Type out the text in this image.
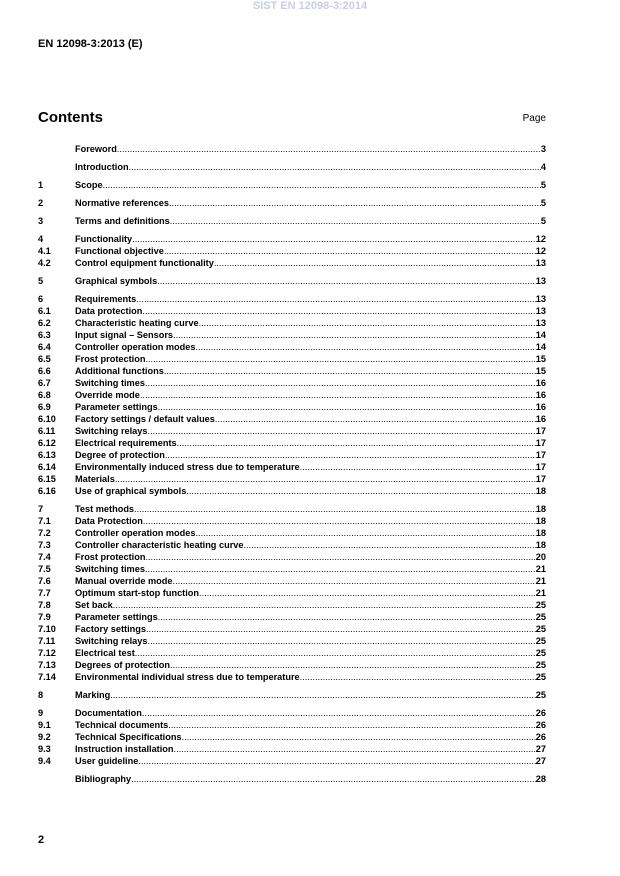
SIST EN 12098-3:2014
EN 12098-3:2013 (E)
Contents	Page
Foreword .....	3
Introduction .....	4
1	Scope .....	5
2	Normative references .....	5
3	Terms and definitions .....	5
4	Functionality .....	12
4.1	Functional objective .....	12
4.2	Control equipment functionality .....	13
5	Graphical symbols .....	13
6	Requirements .....	13
6.1	Data protection .....	13
6.2	Characteristic heating curve .....	13
6.3	Input signal – Sensors .....	14
6.4	Controller operation modes .....	14
6.5	Frost protection .....	15
6.6	Additional functions .....	15
6.7	Switching times .....	16
6.8	Override mode .....	16
6.9	Parameter settings .....	16
6.10	Factory settings / default values .....	16
6.11	Switching relays .....	17
6.12	Electrical requirements .....	17
6.13	Degree of protection .....	17
6.14	Environmentally induced stress due to temperature .....	17
6.15	Materials .....	17
6.16	Use of graphical symbols .....	18
7	Test methods .....	18
7.1	Data Protection .....	18
7.2	Controller operation modes .....	18
7.3	Controller characteristic heating curve .....	18
7.4	Frost protection .....	20
7.5	Switching times .....	21
7.6	Manual override mode .....	21
7.7	Optimum start-stop function .....	21
7.8	Set back .....	25
7.9	Parameter settings .....	25
7.10	Factory settings .....	25
7.11	Switching relays .....	25
7.12	Electrical test .....	25
7.13	Degrees of protection .....	25
7.14	Environmental individual stress due to temperature .....	25
8	Marking .....	25
9	Documentation .....	26
9.1	Technical documents .....	26
9.2	Technical Specifications .....	26
9.3	Instruction installation .....	27
9.4	User guideline .....	27
Bibliography .....	28
2
